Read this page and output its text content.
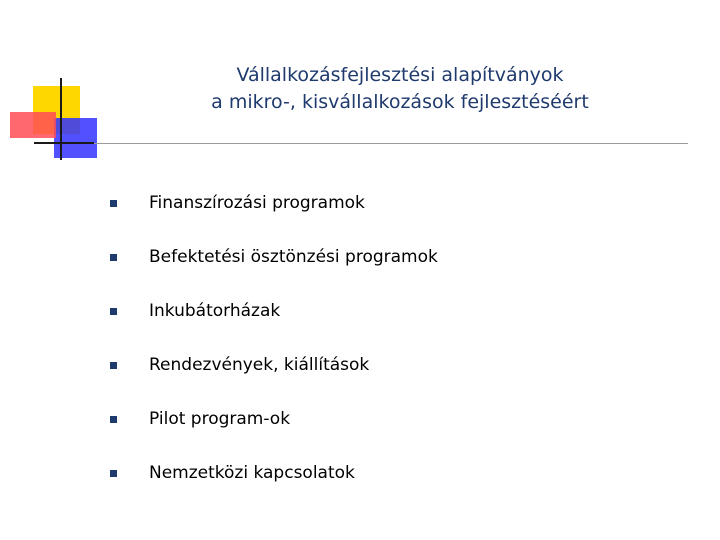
Vállalkozásfejlesztési alapítványok
a mikro-, kisvállalkozások fejlesztéséért
Finanszírozási programok
Befektetési ösztönzési programok
Inkubátorházak
Rendezvények, kiállítások
Pilot program-ok
Nemzetközi kapcsolatok
